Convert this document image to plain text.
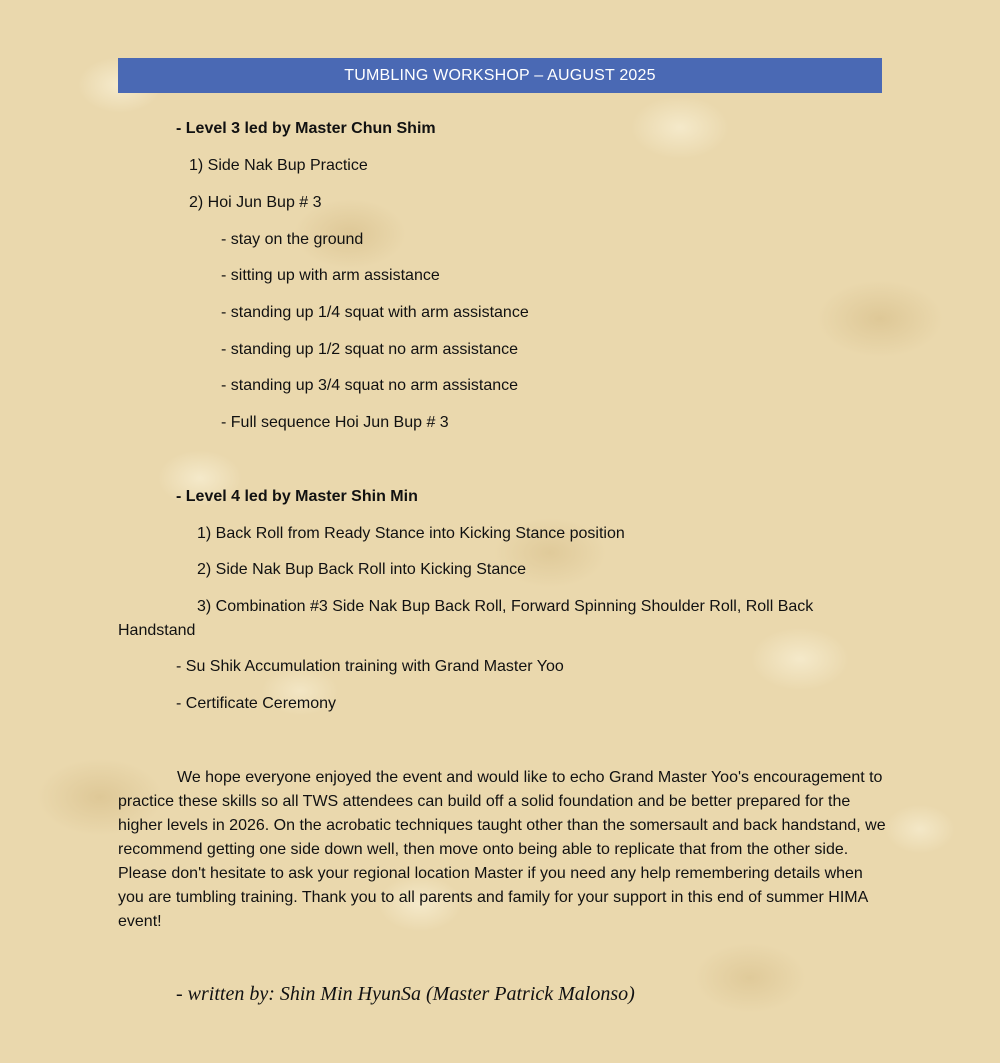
TUMBLING WORKSHOP – AUGUST 2025
- Level 3 led by Master Chun Shim
1) Side Nak Bup Practice
2) Hoi Jun Bup # 3
- stay on the ground
- sitting up with arm assistance
- standing up 1/4 squat with arm assistance
- standing up 1/2 squat no arm assistance
- standing up 3/4 squat no arm assistance
- Full sequence Hoi Jun Bup # 3
- Level 4 led by Master Shin Min
1) Back Roll from Ready Stance into Kicking Stance position
2) Side Nak Bup Back Roll into Kicking Stance
3) Combination #3 Side Nak Bup Back Roll, Forward Spinning Shoulder Roll, Roll Back
Handstand
- Su Shik Accumulation training with Grand Master Yoo
- Certificate Ceremony
We hope everyone enjoyed the event and would like to echo Grand Master Yoo's encouragement to practice these skills so all TWS attendees can build off a solid foundation and be better prepared for the higher levels in 2026. On the acrobatic techniques taught other than the somersault and back handstand, we recommend getting one side down well, then move onto being able to replicate that from the other side. Please don't hesitate to ask your regional location Master if you need any help remembering details when you are tumbling training. Thank you to all parents and family for your support in this end of summer HIMA event!
- written by: Shin Min HyunSa (Master Patrick Malonso)
